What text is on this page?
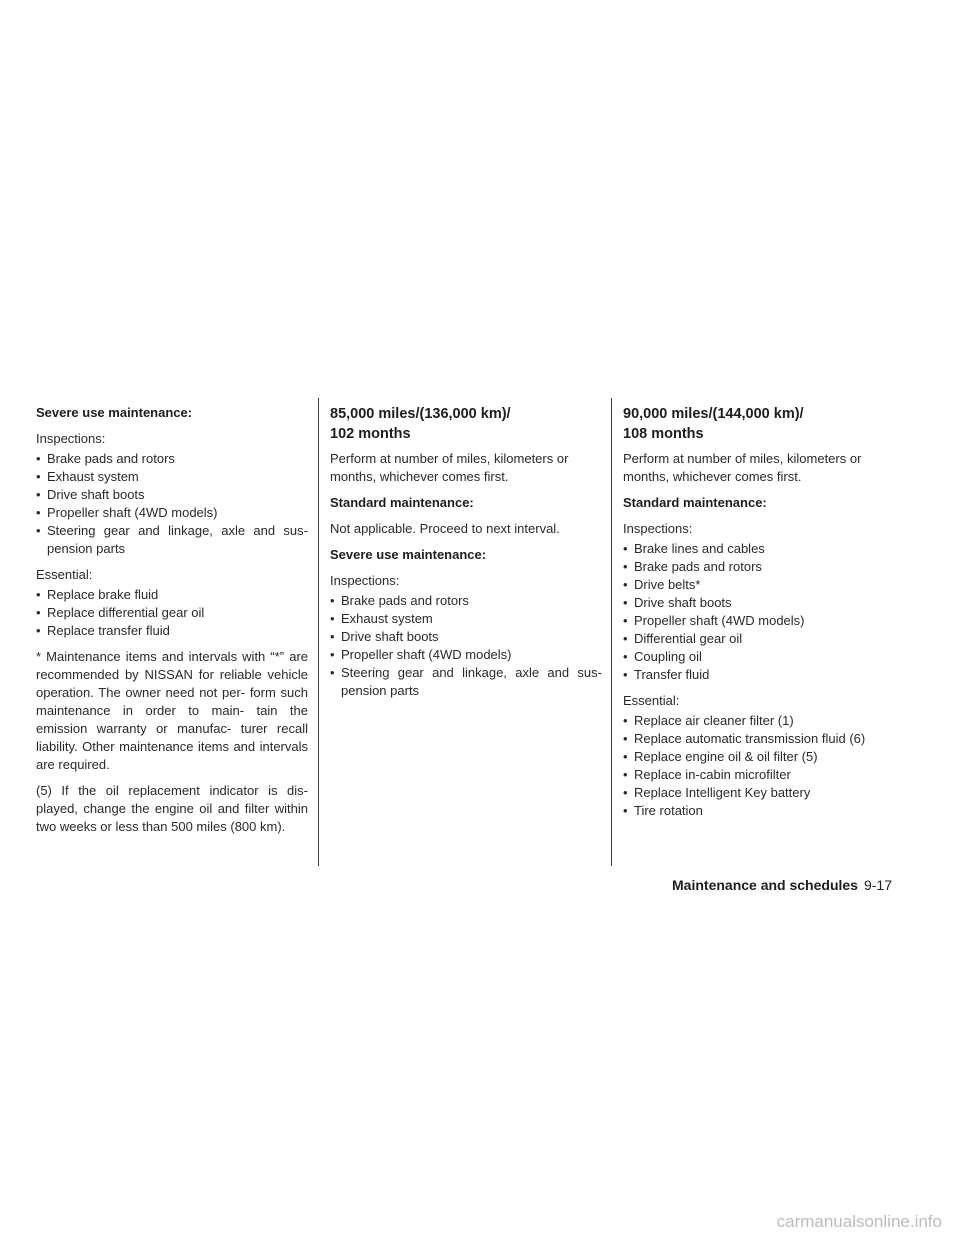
Severe use maintenance:

Inspections:

• Brake pads and rotors
• Exhaust system
• Drive shaft boots
• Propeller shaft (4WD models)
• Steering gear and linkage, axle and sus- pension parts

Essential:

• Replace brake fluid
• Replace differential gear oil
• Replace transfer fluid

* Maintenance items and intervals with “*” are recommended by NISSAN for reliable vehicle operation. The owner need not per- form such maintenance in order to main- tain the emission warranty or manufac- turer recall liability. Other maintenance items and intervals are required.

(5) If the oil replacement indicator is dis- played, change the engine oil and filter within two weeks or less than 500 miles (800 km).

85,000 miles/(136,000 km)/
102 months

Perform at number of miles, kilometers or months, whichever comes first.

Standard maintenance:

Not applicable. Proceed to next interval.

Severe use maintenance:

Inspections:

• Brake pads and rotors
• Exhaust system
• Drive shaft boots
• Propeller shaft (4WD models)
• Steering gear and linkage, axle and sus- pension parts
90,000 miles/(144,000 km)/
108 months

Perform at number of miles, kilometers or months, whichever comes first.

Standard maintenance:

Inspections:

• Brake lines and cables
• Brake pads and rotors
• Drive belts*
• Drive shaft boots
• Propeller shaft (4WD models)
• Differential gear oil
• Coupling oil
• Transfer fluid

Essential:

• Replace air cleaner filter (1)
• Replace automatic transmission fluid (6)
• Replace engine oil & oil filter (5)
• Replace in-cabin microfilter
• Replace Intelligent Key battery
• Tire rotation
Maintenance and schedules 9-17
carmanualsonline.info
